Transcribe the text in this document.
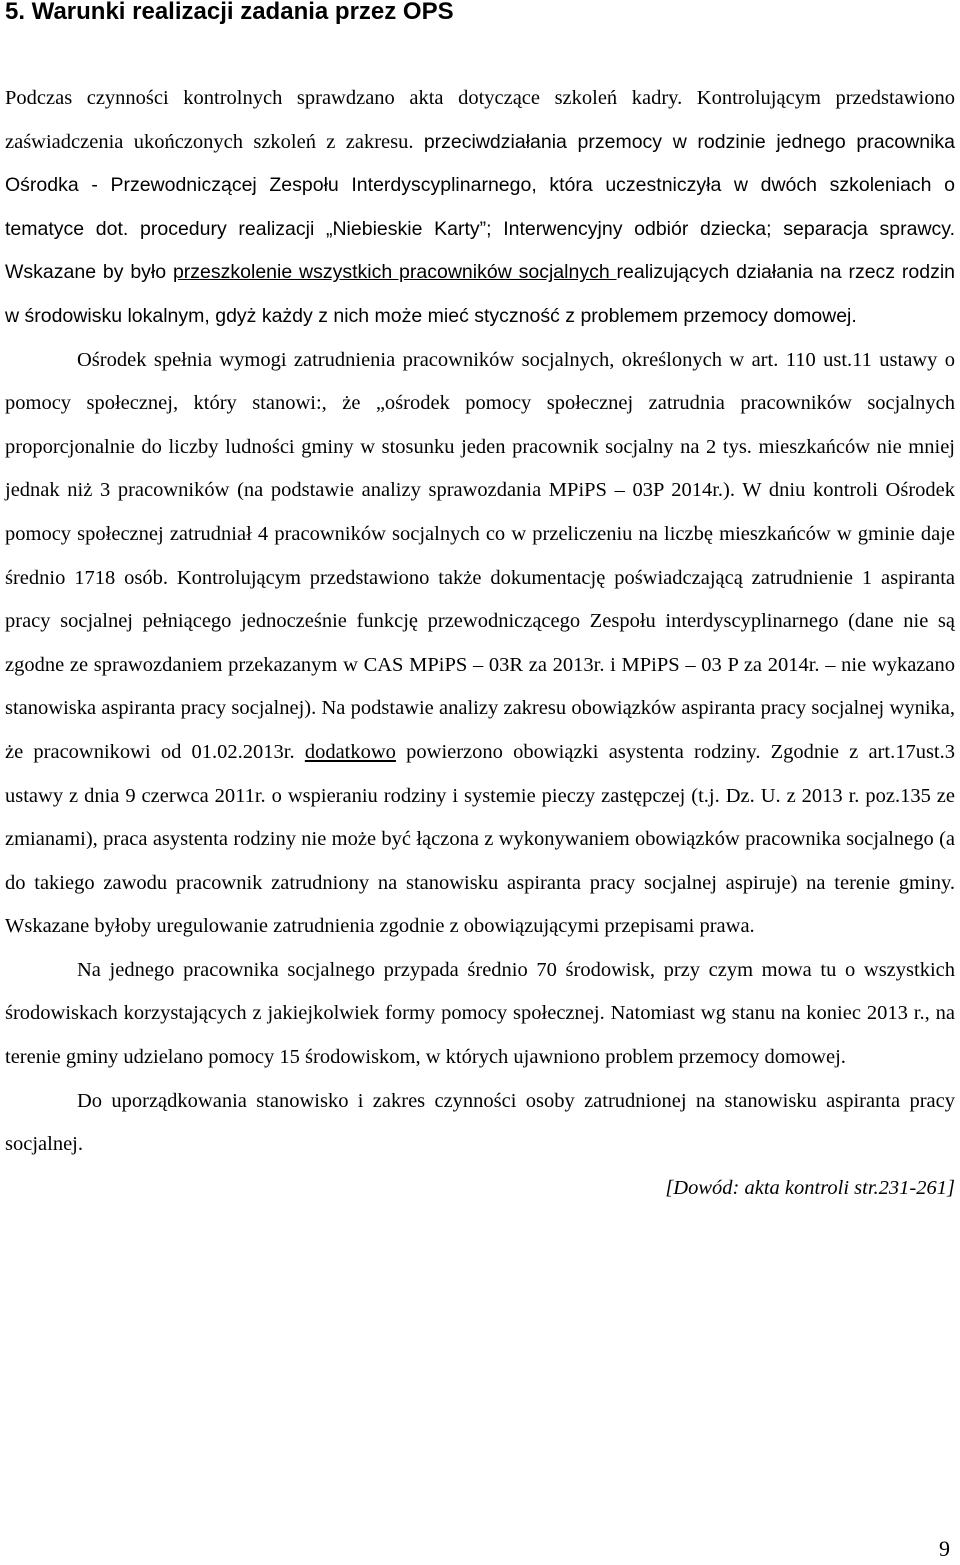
5. Warunki realizacji zadania przez OPS

Podczas czynności kontrolnych sprawdzano akta dotyczące szkoleń kadry. Kontrolującym przedstawiono zaświadczenia ukończonych szkoleń z zakresu. przeciwdziałania przemocy w rodzinie jednego pracownika Ośrodka - Przewodniczącej Zespołu Interdyscyplinarnego, która uczestniczyła w dwóch szkoleniach o tematyce dot. procedury realizacji „Niebieskie Karty”; Interwencyjny odbiór dziecka; separacja sprawcy. Wskazane by było przeszkolenie wszystkich pracowników socjalnych realizujących działania na rzecz rodzin w środowisku lokalnym, gdyż każdy z nich może mieć styczność z problemem przemocy domowej.

Ośrodek spełnia wymogi zatrudnienia pracowników socjalnych, określonych w art. 110 ust.11 ustawy o pomocy społecznej, który stanowi:, że „ośrodek pomocy społecznej zatrudnia pracowników socjalnych proporcjonalnie do liczby ludności gminy w stosunku jeden pracownik socjalny na 2 tys. mieszkańców nie mniej jednak niż 3 pracowników (na podstawie analizy sprawozdania MPiPS – 03P 2014r.). W dniu kontroli Ośrodek pomocy społecznej zatrudniał 4 pracowników socjalnych co w przeliczeniu na liczbę mieszkańców w gminie daje średnio 1718 osób. Kontrolującym przedstawiono także dokumentację poświadczającą zatrudnienie 1 aspiranta pracy socjalnej pełniącego jednocześnie funkcję przewodniczącego Zespołu interdyscyplinarnego (dane nie są zgodne ze sprawozdaniem przekazanym w CAS MPiPS – 03R za 2013r. i MPiPS – 03 P za 2014r. – nie wykazano stanowiska aspiranta pracy socjalnej). Na podstawie analizy zakresu obowiązków aspiranta pracy socjalnej wynika, że pracownikowi od 01.02.2013r. dodatkowo powierzono obowiązki asystenta rodziny. Zgodnie z art.17ust.3 ustawy z dnia 9 czerwca 2011r. o wspieraniu rodziny i systemie pieczy zastępczej (t.j. Dz. U. z 2013 r. poz.135 ze zmianami), praca asystenta rodziny nie może być łączona z wykonywaniem obowiązków pracownika socjalnego (a do takiego zawodu pracownik zatrudniony na stanowisku aspiranta pracy socjalnej aspiruje) na terenie gminy. Wskazane byłoby uregulowanie zatrudnienia zgodnie z obowiązującymi przepisami prawa.

Na jednego pracownika socjalnego przypada średnio 70 środowisk, przy czym mowa tu o wszystkich środowiskach korzystających z jakiejkolwiek formy pomocy społecznej. Natomiast wg stanu na koniec 2013 r., na terenie gminy udzielano pomocy 15 środowiskom, w których ujawniono problem przemocy domowej.

Do uporządkowania stanowisko i zakres czynności osoby zatrudnionej na stanowisku aspiranta pracy socjalnej.

[Dowód: akta kontroli str.231-261]

9
